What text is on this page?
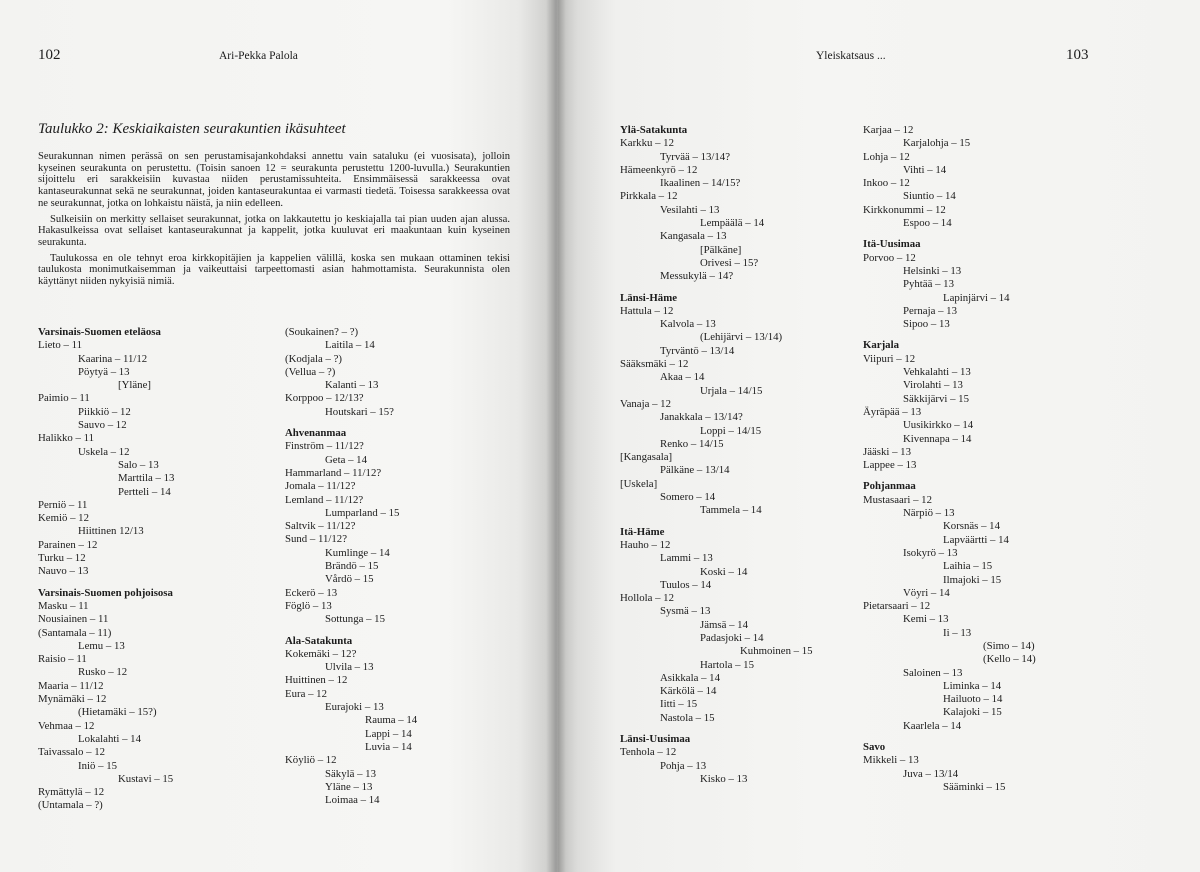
102	Ari-Pekka Palola
Taulukko 2: Keskiaikaisten seurakuntien ikäsuhteet

Seurakunnan nimen perässä on sen perustamisajankohdaksi annettu vain sataluku (ei vuosisata), jolloin kyseinen seurakunta on perustettu. (Toisin sanoen 12 = seurakunta perustettu 1200-luvulla.) Seurakuntien sijoittelu eri sarakkeisiin kuvastaa niiden perustamissuhteita. Ensimmäisessä sarakkeessa ovat kantaseurakunnat sekä ne seurakunnat, joiden kantaseurakuntaa ei varmasti tiedetä. Toisessa sarakkeessa ovat ne seurakunnat, jotka on lohkaistu näistä, ja niin edelleen.

Sulkeisiin on merkitty sellaiset seurakunnat, jotka on lakkautettu jo keskiajalla tai pian uuden ajan alussa. Hakasulkeissa ovat sellaiset kantaseurakunnat ja kappelit, jotka kuuluvat eri maakuntaan kuin kyseinen seurakunta.

Taulukossa en ole tehnyt eroa kirkkopitäjien ja kappelien välillä, koska sen mukaan ottaminen tekisi taulukosta monimutkaisemman ja vaikeuttaisi tarpeettomasti asian hahmottamista. Seurakunnista olen käyttänyt niiden nykyisiä nimiä.

Varsinais-Suomen eteläosa
Lieto – 11
Kaarina – 11/12
Pöytyä – 13
[Yläne]
Paimio – 11
Piikkiö – 12
Sauvo – 12
Halikko – 11
Uskela – 12
Salo – 13
Marttila – 13
Pertteli – 14
Perniö – 11
Kemiö – 12
Hiittinen 12/13
Parainen – 12
Turku – 12
Nauvo – 13
Varsinais-Suomen pohjoisosa
Masku – 11
Nousiainen – 11
(Santamala – 11)
Lemu – 13
Raisio – 11
Rusko – 12
Maaria – 11/12
Mynämäki – 12
(Hietamäki – 15?)
Vehmaa – 12
Lokalahti – 14
Taivassalo – 12
Iniö – 15
Kustavi – 15
Rymättylä – 12
(Untamala – ?)
(Soukainen? – ?)
Laitila – 14
(Kodjala – ?)
(Vellua – ?)
Kalanti – 13
Korppoo – 12/13?
Houtskari – 15?
Ahvenanmaa
Finström – 11/12?
Geta – 14
Hammarland – 11/12?
Jomala – 11/12?
Lemland – 11/12?
Lumparland – 15
Saltvik – 11/12?
Sund – 11/12?
Kumlinge – 14
Brändö – 15
Vårdö – 15
Eckerö – 13
Föglö – 13
Sottunga – 15
Ala-Satakunta
Kokemäki – 12?
Ulvila – 13
Huittinen – 12
Eura – 12
Eurajoki – 13
Rauma – 14
Lappi – 14
Luvia – 14
Köyliö – 12
Säkylä – 13
Yläne – 13
Loimaa – 14
Yleiskatsaus ...	103
Ylä-Satakunta
Karkku – 12
Tyrvää – 13/14?
Hämeenkyrö – 12
Ikaalinen – 14/15?
Pirkkala – 12
Vesilahti – 13
Lempäälä – 14
Kangasala – 13
[Pälkäne]
Orivesi – 15?
Messukylä – 14?
Länsi-Häme
Hattula – 12
Kalvola – 13
(Lehijärvi – 13/14)
Tyrväntö – 13/14
Sääksmäki – 12
Akaa – 14
Urjala – 14/15
Vanaja – 12
Janakkala – 13/14?
Loppi – 14/15
Renko – 14/15
[Kangasala]
Pälkäne – 13/14
[Uskela]
Somero – 14
Tammela – 14
Itä-Häme
Hauho – 12
Lammi – 13
Koski – 14
Tuulos – 14
Hollola – 12
Sysmä – 13
Jämsä – 14
Padasjoki – 14
Kuhmoinen – 15
Hartola – 15
Asikkala – 14
Kärkölä – 14
Iitti – 15
Nastola – 15
Länsi-Uusimaa
Tenhola – 12
Pohja – 13
Kisko – 13
Karjaa – 12
Karjalohja – 15
Lohja – 12
Vihti – 14
Inkoo – 12
Siuntio – 14
Kirkkonummi – 12
Espoo – 14
Itä-Uusimaa
Porvoo – 12
Helsinki – 13
Pyhtää – 13
Lapinjärvi – 14
Pernaja – 13
Sipoo – 13
Karjala
Viipuri – 12
Vehkalahti – 13
Virolahti – 13
Säkkijärvi – 15
Äyräpää – 13
Uusikirkko – 14
Kivennapa – 14
Jääski – 13
Lappee – 13
Pohjanmaa
Mustasaari – 12
Närpiö – 13
Korsnäs – 14
Lapväärtti – 14
Isokyrö – 13
Laihia – 15
Ilmajoki – 15
Vöyri – 14
Pietarsaari – 12
Kemi – 13
Ii – 13
(Simo – 14)
(Kello – 14)
Saloinen – 13
Liminka – 14
Hailuoto – 14
Kalajoki – 15
Kaarlela – 14
Savo
Mikkeli – 13
Juva – 13/14
Sääminki – 15
